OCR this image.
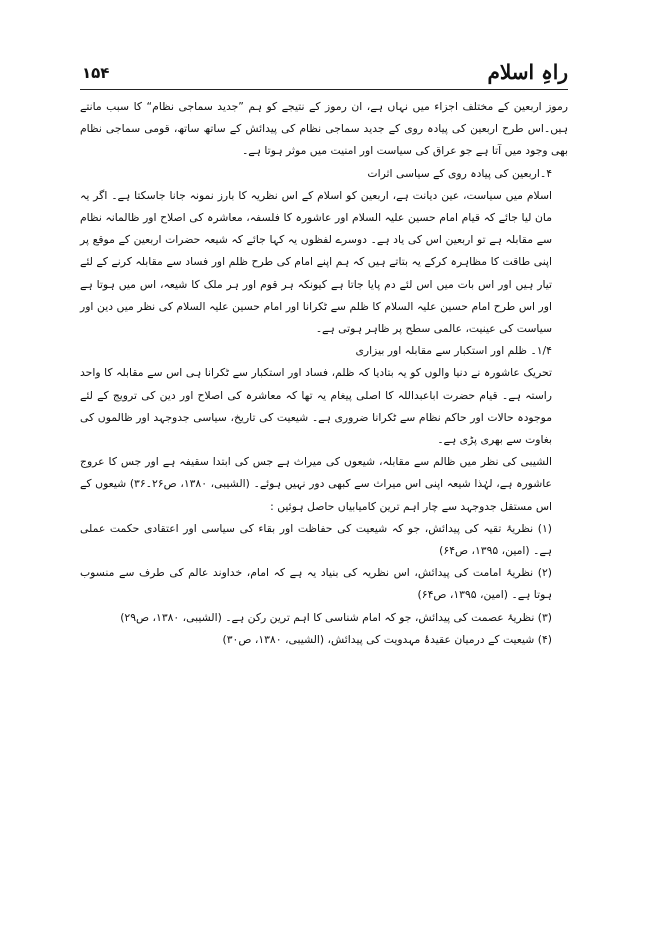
راہِ اسلام
۱۵۴

رموز اربعین کے مختلف اجزاء میں نہاں ہے، ان رموز کے نتیجے کو ہم ”جدید سماجی نظام“ کا سبب مانتے ہیں۔اس طرح اربعین کی پیادہ روی کے جدید سماجی نظام کی پیدائش کے ساتھ ساتھ، قومی سماجی نظام بھی وجود میں آتا ہے جو عراق کی سیاست اور امنیت میں موثر ہوتا ہے۔

۴۔اربعین کی پیادہ روی کے سیاسی اثرات

اسلام میں سیاست، عین دیانت ہے، اربعین کو اسلام کے اس نظریہ کا بارز نمونہ جانا جاسکتا ہے۔ اگر یہ مان لیا جائے کہ قیام امام حسین علیہ السلام اور عاشورہ کا فلسفہ، معاشرہ کی اصلاح اور ظالمانہ نظام سے مقابلہ ہے تو اربعین اس کی یاد ہے۔ دوسرے لفظوں یہ کہا جائے کہ شیعہ حضرات اربعین کے موقع پر اپنی طاقت کا مظاہرہ کرکے یہ بتاتے ہیں کہ ہم اپنے امام کی طرح ظلم اور فساد سے مقابلہ کرنے کے لئے تیار ہیں اور اس بات میں اس لئے دم پایا جاتا ہے کیونکہ ہر قوم اور ہر ملک کا شیعہ، اس میں ہوتا ہے اور اس طرح امام حسین علیہ السلام کا ظلم سے ٹکرانا اور امام حسین علیہ السلام کی نظر میں دین اور سیاست کی عینیت، عالمی سطح پر ظاہر ہوتی ہے۔

۱/۴۔ ظلم اور استکبار سے مقابلہ اور بیزاری

تحریک عاشورہ نے دنیا والوں کو یہ بتادیا کہ ظلم، فساد اور استکبار سے ٹکرانا ہی اس سے مقابلہ کا واحد راستہ ہے۔ قیام حضرت اباعبداللہ کا اصلی پیغام یہ تھا کہ معاشرہ کی اصلاح اور دین کی ترویج کے لئے موجودہ حالات اور حاکم نظام سے ٹکرانا ضروری ہے۔ شیعیت کی تاریخ، سیاسی جدوجہد اور ظالموں کی بغاوت سے بھری پڑی ہے۔

الشیبی کی نظر میں ظالم سے مقابلہ، شیعوں کی میراث ہے جس کی ابتدا سقیفہ ہے اور جس کا عروج عاشورہ ہے، لہٰذا شیعہ اپنی اس میراث سے کبھی دور نہیں ہوئے۔ (الشیبی، ۱۳۸۰، ص۲۶۔۳۶) شیعوں کے اس مستقل جدوجہد سے چار اہم ترین کامیابیاں حاصل ہوئیں :

(۱) نظریۂ تقیہ کی پیدائش، جو کہ شیعیت کی حفاظت اور بقاء کی سیاسی اور اعتقادی حکمت عملی ہے۔ (امین، ۱۳۹۵، ص۶۴)

(۲) نظریۂ امامت کی پیدائش، اس نظریہ کی بنیاد یہ ہے کہ امام، خداوند عالم کی طرف سے منسوب ہوتا ہے۔ (امین، ۱۳۹۵، ص۶۴)

(۳) نظریۂ عصمت کی پیدائش، جو کہ امام شناسی کا اہم ترین رکن ہے۔ (الشیبی، ۱۳۸۰، ص۲۹)

(۴) شیعیت کے درمیان عقیدۂ مہدویت کی پیدائش، (الشیبی، ۱۳۸۰، ص۳۰)
